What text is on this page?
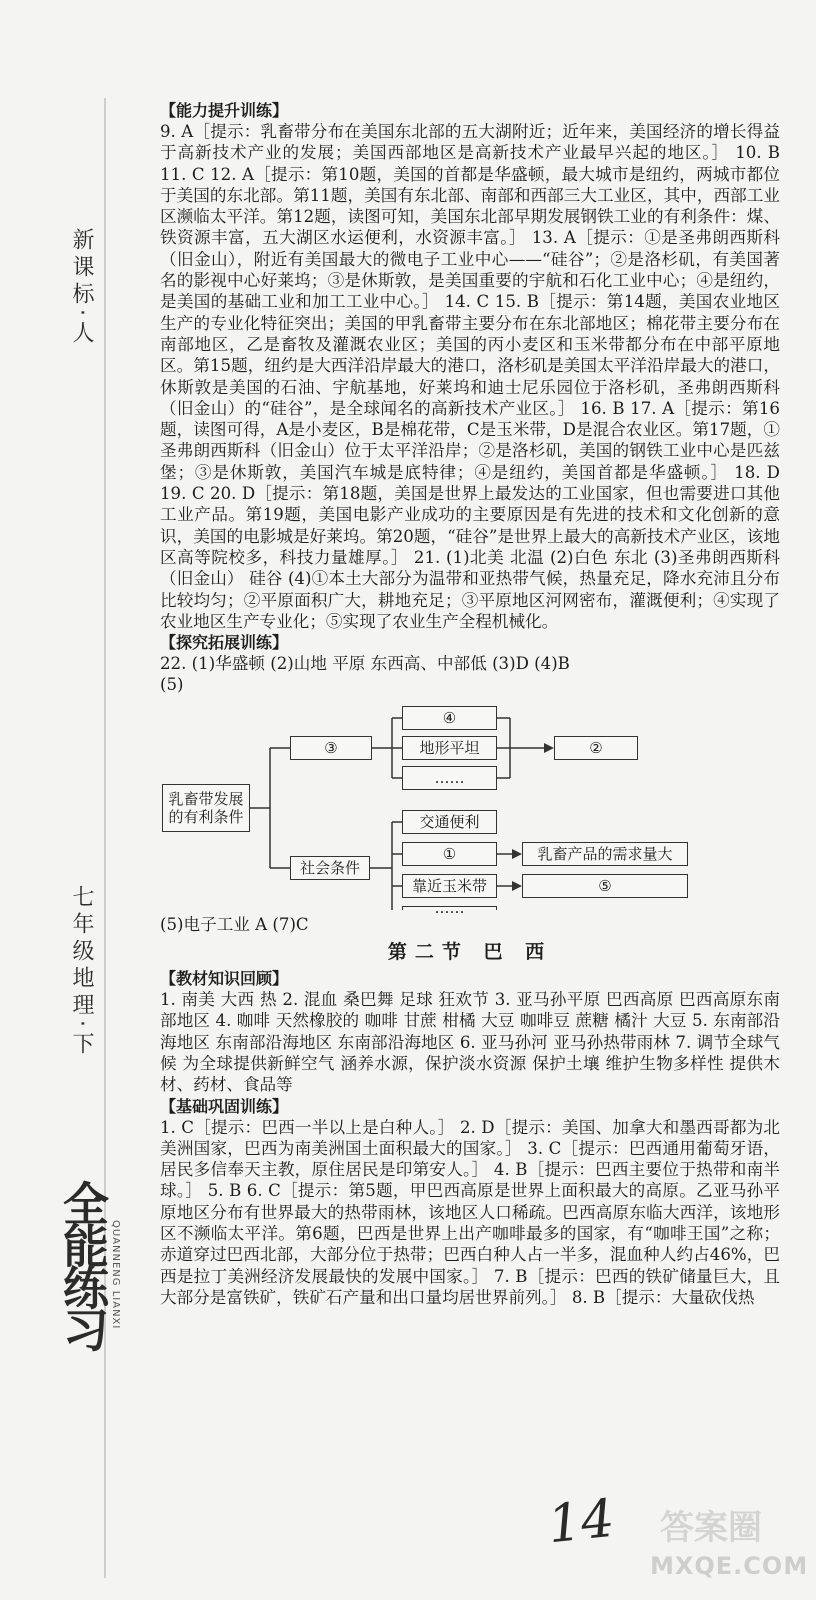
新课标·人
七年级地理·下
全能练习 QUANNENG LIANXI

【能力提升训练】

9. A［提示：乳畜带分布在美国东北部的五大湖附近；近年来，美国经济的增长得益于高新技术产业的发展；美国西部地区是高新技术产业最早兴起的地区。］ 10. B 11. C 12. A［提示：第10题，美国的首都是华盛顿，最大城市是纽约，两城市都位于美国的东北部。第11题，美国有东北部、南部和西部三大工业区，其中，西部工业区濒临太平洋。第12题，读图可知，美国东北部早期发展钢铁工业的有利条件：煤、铁资源丰富，五大湖区水运便利，水资源丰富。］ 13. A［提示：①是圣弗朗西斯科（旧金山），附近有美国最大的微电子工业中心——“硅谷”；②是洛杉矶，有美国著名的影视中心好莱坞；③是休斯敦，是美国重要的宇航和石化工业中心；④是纽约，是美国的基础工业和加工工业中心。］ 14. C 15. B［提示：第14题，美国农业地区生产的专业化特征突出；美国的甲乳畜带主要分布在东北部地区；棉花带主要分布在南部地区，乙是畜牧及灌溉农业区；美国的丙小麦区和玉米带都分布在中部平原地区。第15题，纽约是大西洋沿岸最大的港口，洛杉矶是美国太平洋沿岸最大的港口，休斯敦是美国的石油、宇航基地，好莱坞和迪士尼乐园位于洛杉矶，圣弗朗西斯科（旧金山）的“硅谷”，是全球闻名的高新技术产业区。］ 16. B 17. A［提示：第16题，读图可得，A是小麦区，B是棉花带，C是玉米带，D是混合农业区。第17题，①圣弗朗西斯科（旧金山）位于太平洋沿岸；②是洛杉矶，美国的钢铁工业中心是匹兹堡；③是休斯敦，美国汽车城是底特律；④是纽约，美国首都是华盛顿。］ 18. D 19. C 20. D［提示：第18题，美国是世界上最发达的工业国家，但也需要进口其他工业产品。第19题，美国电影产业成功的主要原因是有先进的技术和文化创新的意识，美国的电影城是好莱坞。第20题，“硅谷”是世界上最大的高新技术产业区，该地区高等院校多，科技力量雄厚。］ 21. (1)北美 北温 (2)白色 东北 (3)圣弗朗西斯科（旧金山） 硅谷 (4)①本土大部分为温带和亚热带气候，热量充足，降水充沛且分布比较均匀；②平原面积广大，耕地充足；③平原地区河网密布，灌溉便利；④实现了农业地区生产专业化；⑤实现了农业生产全程机械化。

【探究拓展训练】

22. (1)华盛顿 (2)山地 平原 东西高、中部低 (3)D (4)B

(5)

乳畜带发展的有利条件
③
社会条件
④
地形平坦
……
②
交通便利
①
靠近玉米带
……
乳畜产品的需求量大
⑤

(5)电子工业 A (7)C

第二节 巴 西

【教材知识回顾】

1. 南美 大西 热 2. 混血 桑巴舞 足球 狂欢节 3. 亚马孙平原 巴西高原 巴西高原东南部地区 4. 咖啡 天然橡胶的 咖啡 甘蔗 柑橘 大豆 咖啡豆 蔗糖 橘汁 大豆 5. 东南部沿海地区 东南部沿海地区 东南部沿海地区 6. 亚马孙河 亚马孙热带雨林 7. 调节全球气候 为全球提供新鲜空气 涵养水源，保护淡水资源 保护土壤 维护生物多样性 提供木材、药材、食品等

【基础巩固训练】

1. C［提示：巴西一半以上是白种人。］ 2. D［提示：美国、加拿大和墨西哥都为北美洲国家，巴西为南美洲国土面积最大的国家。］ 3. C［提示：巴西通用葡萄牙语，居民多信奉天主教，原住居民是印第安人。］ 4. B［提示：巴西主要位于热带和南半球。］ 5. B 6. C［提示：第5题，甲巴西高原是世界上面积最大的高原。乙亚马孙平原地区分布有世界最大的热带雨林，该地区人口稀疏。巴西高原东临大西洋，该地形区不濒临太平洋。第6题，巴西是世界上出产咖啡最多的国家，有“咖啡王国”之称；赤道穿过巴西北部，大部分位于热带；巴西白种人占一半多，混血种人约占46%，巴西是拉丁美洲经济发展最快的发展中国家。］ 7. B［提示：巴西的铁矿储量巨大，且大部分是富铁矿，铁矿石产量和出口量均居世界前列。］ 8. B［提示：大量砍伐热

14 答案圈
MXQE.COM
